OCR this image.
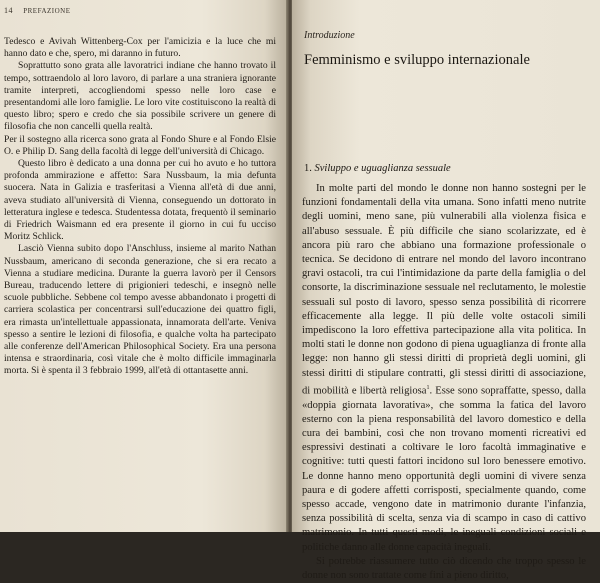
14 PREFAZIONE

Tedesco e Avivah Wittenberg-Cox per l'amicizia e la luce che mi hanno dato e che, spero, mi daranno in futuro.

Soprattutto sono grata alle lavoratrici indiane che hanno trovato il tempo, sottraendolo al loro lavoro, di parlare a una straniera ignorante tramite interpreti, accogliendomi spesso nelle loro case e presentandomi alle loro famiglie. Le loro vite costituiscono la realtà di questo libro; spero e credo che sia possibile scrivere un genere di filosofia che non cancelli quella realtà.

Per il sostegno alla ricerca sono grata al Fondo Shure e al Fondo Elsie O. e Philip D. Sang della facoltà di legge dell'università di Chicago.

Questo libro è dedicato a una donna per cui ho avuto e ho tuttora profonda ammirazione e affetto: Sara Nussbaum, la mia defunta suocera. Nata in Galizia e trasferitasi a Vienna all'età di due anni, aveva studiato all'università di Vienna, conseguendo un dottorato in letteratura inglese e tedesca. Studentessa dotata, frequentò il seminario di Friedrich Waismann ed era presente il giorno in cui fu ucciso Moritz Schlick.

Lasciò Vienna subito dopo l'Anschluss, insieme al marito Nathan Nussbaum, americano di seconda generazione, che si era recato a Vienna a studiare medicina. Durante la guerra lavorò per il Censors Bureau, traducendo lettere di prigionieri tedeschi, e insegnò nelle scuole pubbliche. Sebbene col tempo avesse abbandonato i progetti di carriera scolastica per concentrarsi sull'educazione dei quattro figli, era rimasta un'intellettuale appassionata, innamorata dell'arte. Veniva spesso a sentire le lezioni di filosofia, e qualche volta ha partecipato alle conferenze dell'American Philosophical Society. Era una persona intensa e straordinaria, così vitale che è molto difficile immaginarla morta. Si è spenta il 3 febbraio 1999, all'età di ottantasette anni.

Introduzione
Femminismo e sviluppo internazionale
1. Sviluppo e uguaglianza sessuale

In molte parti del mondo le donne non hanno sostegni per le funzioni fondamentali della vita umana. Sono infatti meno nutrite degli uomini, meno sane, più vulnerabili alla violenza fisica e all'abuso sessuale. È più difficile che siano scolarizzate, ed è ancora più raro che abbiano una formazione professionale o tecnica. Se decidono di entrare nel mondo del lavoro incontrano gravi ostacoli, tra cui l'intimidazione da parte della famiglia o del consorte, la discriminazione sessuale nel reclutamento, le molestie sessuali sul posto di lavoro, spesso senza possibilità di ricorrere efficacemente alla legge. Il più delle volte ostacoli simili impediscono la loro effettiva partecipazione alla vita politica. In molti stati le donne non godono di piena uguaglianza di fronte alla legge: non hanno gli stessi diritti di proprietà degli uomini, gli stessi diritti di stipulare contratti, gli stessi diritti di associazione, di mobilità e libertà religiosa$^1$. Esse sono sopraffatte, spesso, dalla «doppia giornata lavorativa», che somma la fatica del lavoro esterno con la piena responsabilità del lavoro domestico e della cura dei bambini, così che non trovano momenti ricreativi ed espressivi destinati a coltivare le loro facoltà immaginative e cognitive: tutti questi fattori incidono sul loro benessere emotivo. Le donne hanno meno opportunità degli uomini di vivere senza paura e di godere affetti corrisposti, specialmente quando, come spesso accade, vengono date in matrimonio durante l'infanzia, senza possibilità di scelta, senza via di scampo in caso di cattivo matrimonio. In tutti questi modi, le ineguali condizioni sociali e politiche danno alle donne capacità ineguali.

Si potrebbe riassumere tutto ciò dicendo che troppo spesso le donne non sono trattate come fini a pieno diritto,
